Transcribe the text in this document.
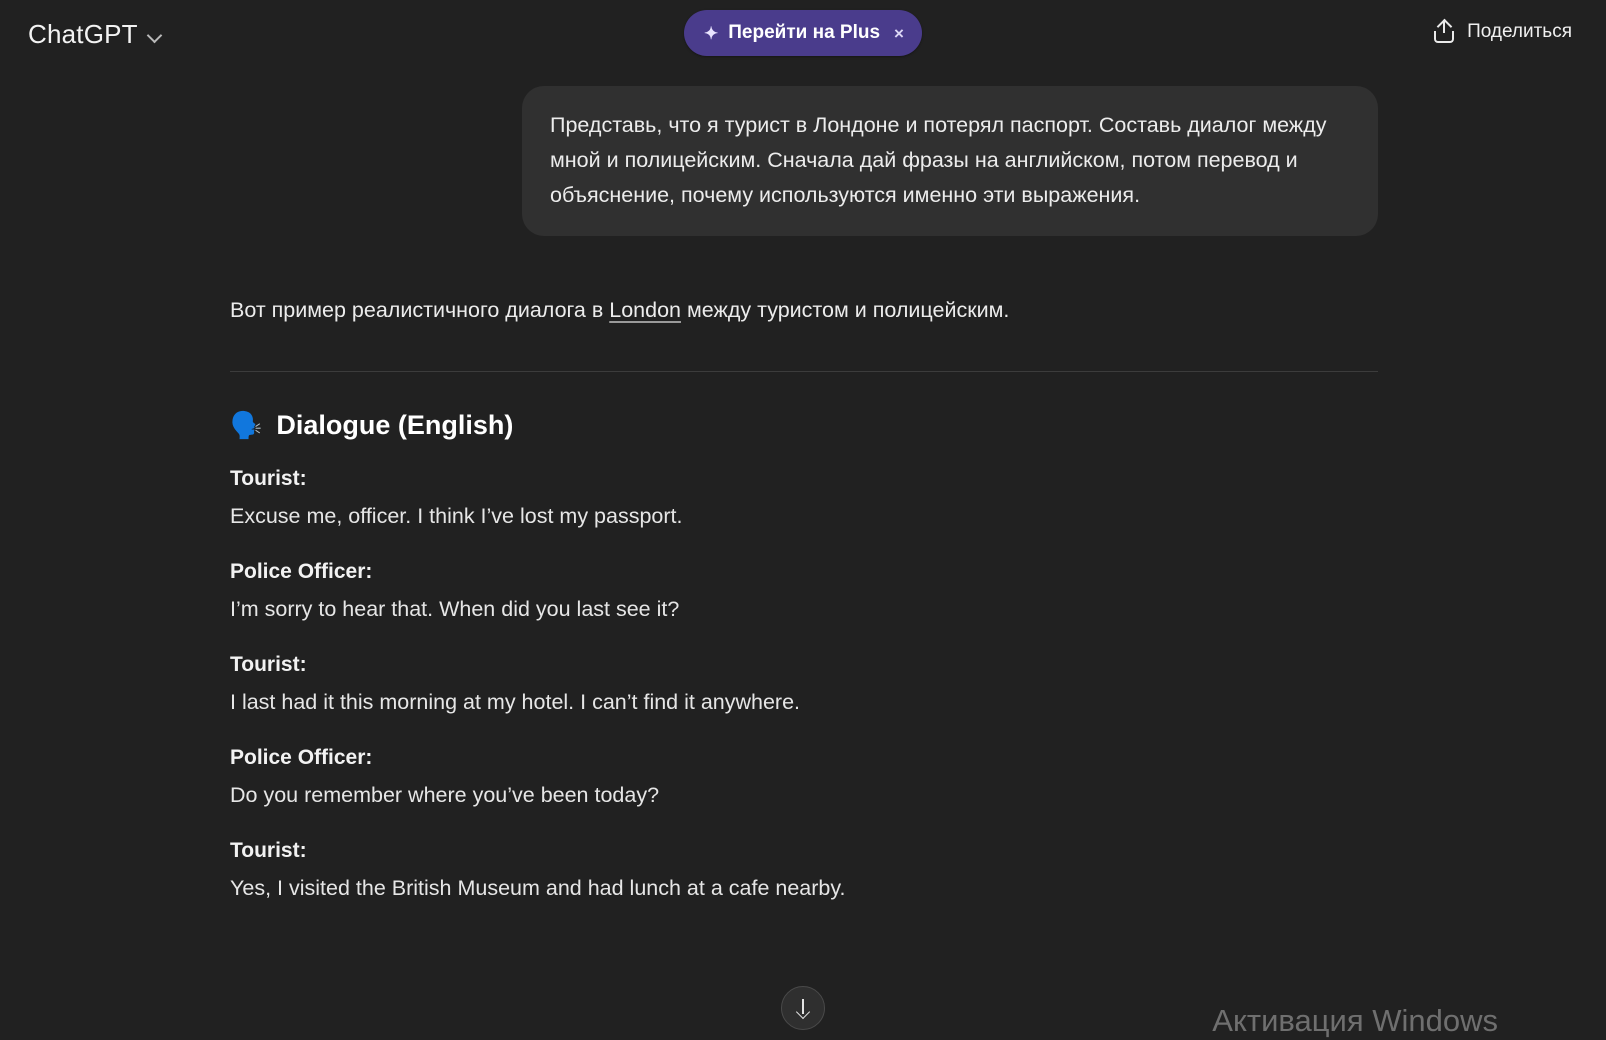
ChatGPT	✦ Перейти на Plus ×	Поделиться
Представь, что я турист в Лондоне и потерял паспорт. Составь диалог между мной и полицейским. Сначала дай фразы на английском, потом перевод и объяснение, почему используются именно эти выражения.
Вот пример реалистичного диалога в London между туристом и полицейским.
🗣️ Dialogue (English)
Tourist:
Excuse me, officer. I think I’ve lost my passport.
Police Officer:
I’m sorry to hear that. When did you last see it?
Tourist:
I last had it this morning at my hotel. I can’t find it anywhere.
Police Officer:
Do you remember where you’ve been today?
Tourist:
Yes, I visited the British Museum and had lunch at a cafe nearby.
Активация Windows
